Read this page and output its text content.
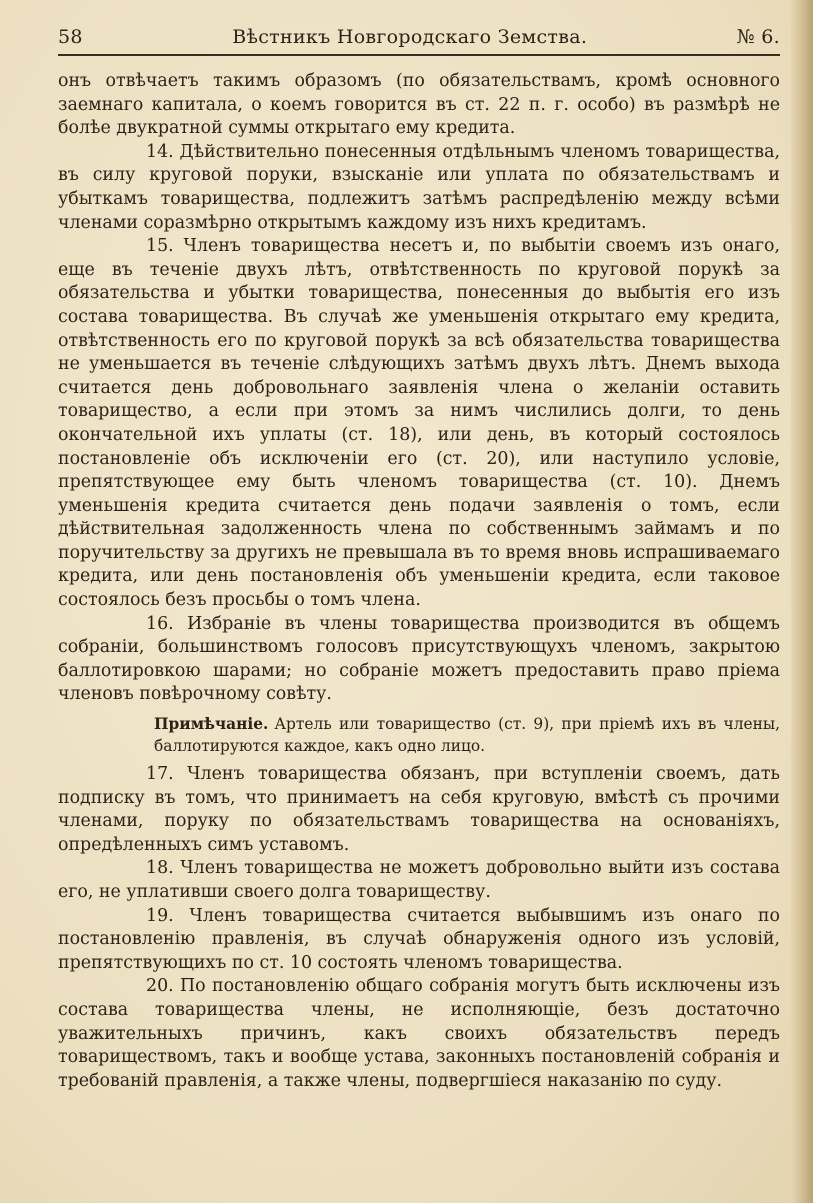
58	Вѣстникъ Новгородскаго Земства.	№ 6.

онъ отвѣчаетъ такимъ образомъ (по обязательствамъ, кромѣ основного заемнаго капитала, о коемъ говорится въ ст. 22 п. г. особо) въ размѣрѣ не болѣе двукратной суммы открытаго ему кредита.

14. Дѣйствительно понесенныя отдѣльнымъ членомъ товарищества, въ силу круговой поруки, взысканіе или уплата по обязательствамъ и убыткамъ товарищества, подлежитъ затѣмъ распредѣленію между всѣми членами соразмѣрно открытымъ каждому изъ нихъ кредитамъ.

15. Членъ товарищества несетъ и, по выбытіи своемъ изъ онаго, еще въ теченіе двухъ лѣтъ, отвѣтственность по круговой порукѣ за обязательства и убытки товарищества, понесенныя до выбытія его изъ состава товарищества. Въ случаѣ же уменьшенія открытаго ему кредита, отвѣтственность его по круговой порукѣ за всѣ обязательства товарищества не уменьшается въ теченіе слѣдующихъ затѣмъ двухъ лѣтъ. Днемъ выхода считается день добровольнаго заявленія члена о желаніи оставить товарищество, а если при этомъ за нимъ числились долги, то день окончательной ихъ уплаты (ст. 18), или день, въ который состоялось постановленіе объ исключеніи его (ст. 20), или наступило условіе, препятствующее ему быть членомъ товарищества (ст. 10). Днемъ уменьшенія кредита считается день подачи заявленія о томъ, если дѣйствительная задолженность члена по собственнымъ займамъ и по поручительству за другихъ не превышала въ то время вновь испрашиваемаго кредита, или день постановленія объ уменьшеніи кредита, если таковое состоялось безъ просьбы о томъ члена.

16. Избраніе въ члены товарищества производится въ общемъ собраніи, большинствомъ голосовъ присутствующухъ членомъ, закрытою баллотировкою шарами; но собраніе можетъ предоставить право пріема членовъ повѣрочному совѣту.

Примѣчаніе. Артель или товарищество (ст. 9), при пріемѣ ихъ въ члены, баллотируются каждое, какъ одно лицо.

17. Членъ товарищества обязанъ, при вступленіи своемъ, дать подписку въ томъ, что принимаетъ на себя круговую, вмѣстѣ съ прочими членами, поруку по обязательствамъ товарищества на основаніяхъ, опредѣленныхъ симъ уставомъ.

18. Членъ товарищества не можетъ добровольно выйти изъ состава его, не уплативши своего долга товариществу.

19. Членъ товарищества считается выбывшимъ изъ онаго по постановленію правленія, въ случаѣ обнаруженія одного изъ условій, препятствующихъ по ст. 10 состоять членомъ товарищества.

20. По постановленію общаго собранія могутъ быть исключены изъ состава товарищества члены, не исполняющіе, безъ достаточно уважительныхъ причинъ, какъ своихъ обязательствъ передъ товариществомъ, такъ и вообще устава, законныхъ постановленій собранія и требованій правленія, а также члены, подвергшіеся наказанію по суду.
